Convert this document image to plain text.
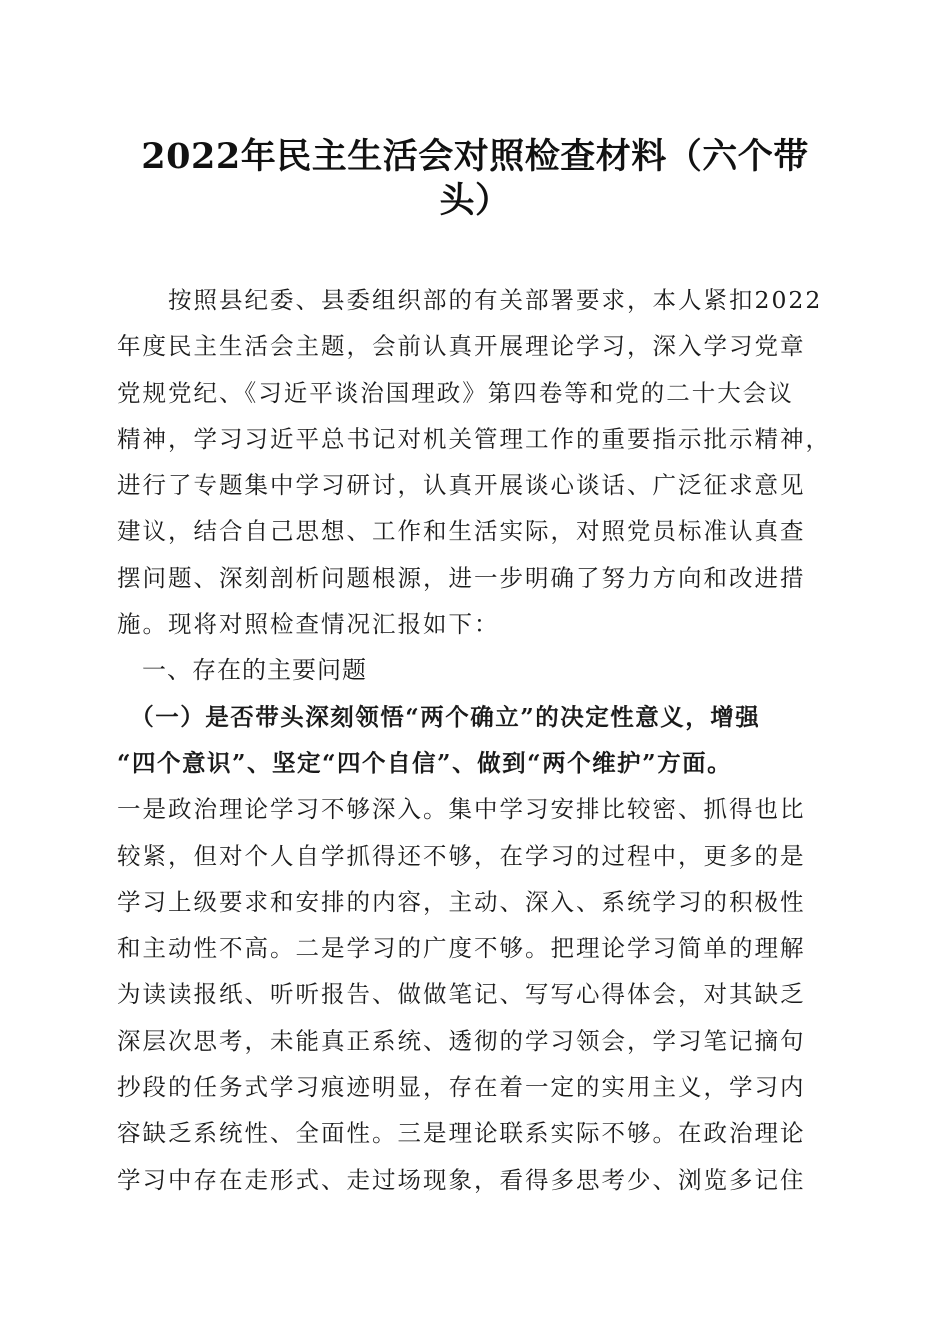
2022年民主生活会对照检查材料（六个带
头）
　　按照县纪委、县委组织部的有关部署要求，本人紧扣2022
年度民主生活会主题，会前认真开展理论学习，深入学习党章
党规党纪、《习近平谈治国理政》第四卷等和党的二十大会议
精神，学习习近平总书记对机关管理工作的重要指示批示精神，
进行了专题集中学习研讨，认真开展谈心谈话、广泛征求意见
建议，结合自己思想、工作和生活实际，对照党员标准认真查
摆问题、深刻剖析问题根源，进一步明确了努力方向和改进措
施。现将对照检查情况汇报如下：
　一、存在的主要问题
　（一）是否带头深刻领悟“两个确立”的决定性意义，增强
“四个意识”、坚定“四个自信”、做到“两个维护”方面。
一是政治理论学习不够深入。集中学习安排比较密、抓得也比
较紧，但对个人自学抓得还不够，在学习的过程中，更多的是
学习上级要求和安排的内容，主动、深入、系统学习的积极性
和主动性不高。二是学习的广度不够。把理论学习简单的理解
为读读报纸、听听报告、做做笔记、写写心得体会，对其缺乏
深层次思考，未能真正系统、透彻的学习领会，学习笔记摘句
抄段的任务式学习痕迹明显，存在着一定的实用主义，学习内
容缺乏系统性、全面性。三是理论联系实际不够。在政治理论
学习中存在走形式、走过场现象，看得多思考少、浏览多记住
